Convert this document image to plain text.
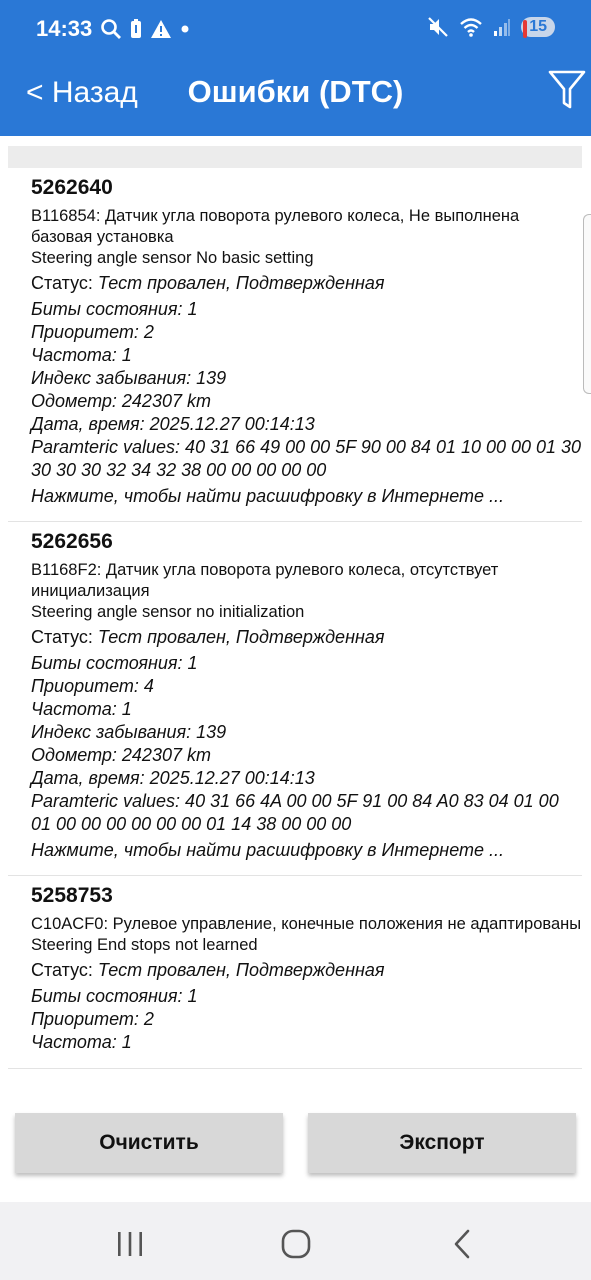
14:33	15
< Назад	Ошибки (DTC)
5262640
B116854: Датчик угла поворота рулевого колеса, Не выполнена базовая установка
Steering angle sensor No basic setting
Статус: Тест провален, Подтвержденная
Биты состояния: 1
Приоритет: 2
Частота: 1
Индекс забывания: 139
Одометр: 242307 km
Дата, время: 2025.12.27 00:14:13
Paramteric values: 40 31 66 49 00 00 5F 90 00 84 01 10 00 00 01 30 30 30 30 32 34 32 38 00 00 00 00 00
Нажмите, чтобы найти расшифровку в Интернете ...
5262656
B1168F2: Датчик угла поворота рулевого колеса, отсутствует инициализация
Steering angle sensor no initialization
Статус: Тест провален, Подтвержденная
Биты состояния: 1
Приоритет: 4
Частота: 1
Индекс забывания: 139
Одометр: 242307 km
Дата, время: 2025.12.27 00:14:13
Paramteric values: 40 31 66 4A 00 00 5F 91 00 84 A0 83 04 01 00 01 00 00 00 00 00 00 01 14 38 00 00 00
Нажмите, чтобы найти расшифровку в Интернете ...
5258753
C10ACF0: Рулевое управление, конечные положения не адаптированы
Steering End stops not learned
Статус: Тест провален, Подтвержденная
Биты состояния: 1
Приоритет: 2
Частота: 1
Очистить	Экспорт
